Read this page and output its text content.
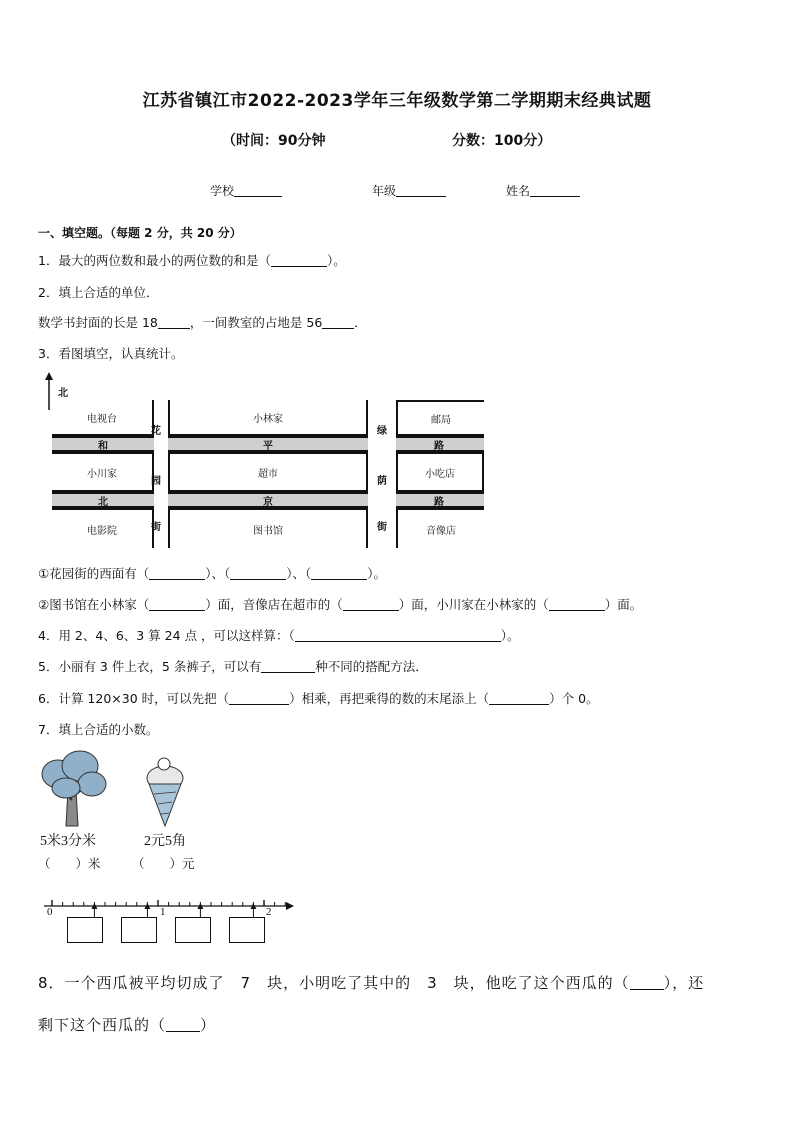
江苏省镇江市2022-2023学年三年级数学第二学期期末经典试题
（时间：90分钟	分数：100分）
学校	年级	姓名
一、填空题。（每题 2 分，共 20 分）
1．最大的两位数和最小的两位数的和是（	）。
2．填上合适的单位．
数学书封面的长是 18	，一间教室的占地是 56	．
3．看图填空，认真统计。
北
电视台	小林家	邮局
和	平	路
小川家	超市	小吃店
北	京	路
电影院	图书馆	音像店
花
园
街
绿
荫
街
①花园街的西面有（	）、（	）、（	）。
②图书馆在小林家（	）面，音像店在超市的（	）面，小川家在小林家的（	）面。
4．用 2、4、6、3 算 24 点 ，可以这样算：（	）。
5．小丽有 3 件上衣，5 条裤子，可以有	种不同的搭配方法．
6．计算 120×30 时，可以先把（	）相乘，再把乘得的数的末尾添上（	）个 0。
7．填上合适的小数。
5米3分米	2元5角
（　　）米	（　　）元
0	1	2
8．一个西瓜被平均切成了　7　块，小明吃了其中的　3　块，他吃了这个西瓜的（ ），还
剩下这个西瓜的（ ）
